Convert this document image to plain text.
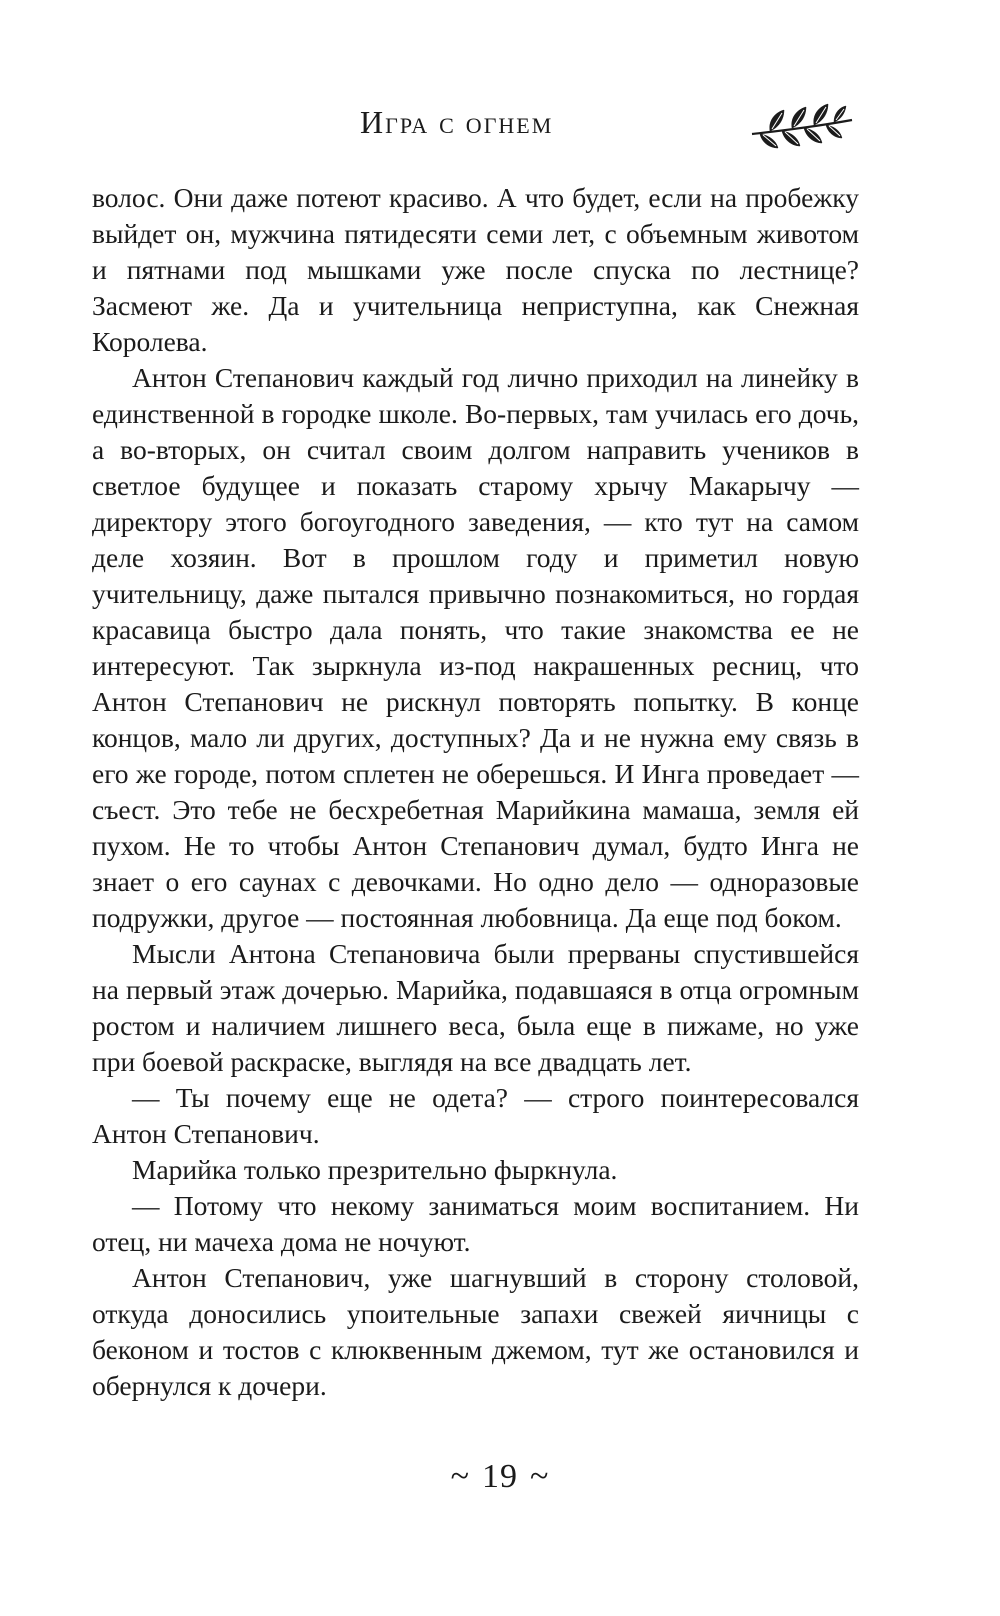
Игра с огнем

волос. Они даже потеют красиво. А что будет, если на пробежку выйдет он, мужчина пятидесяти семи лет, с объемным животом и пятнами под мышками уже после спуска по лестнице? Засмеют же. Да и учительница неприступна, как Снежная Королева.

Антон Степанович каждый год лично приходил на линейку в единственной в городке школе. Во-первых, там училась его дочь, а во-вторых, он считал своим долгом направить учеников в светлое будущее и показать старому хрычу Макарычу — директору этого богоугодного заведения, — кто тут на самом деле хозяин. Вот в прошлом году и приметил новую учительницу, даже пытался привычно познакомиться, но гордая красавица быстро дала понять, что такие знакомства ее не интересуют. Так зыркнула из-под накрашенных ресниц, что Антон Степанович не рискнул повторять попытку. В конце концов, мало ли других, доступных? Да и не нужна ему связь в его же городе, потом сплетен не оберешься. И Инга проведает — съест. Это тебе не бесхребетная Марийкина мамаша, земля ей пухом. Не то чтобы Антон Степанович думал, будто Инга не знает о его саунах с девочками. Но одно дело — одноразовые подружки, другое — постоянная любовница. Да еще под боком.

Мысли Антона Степановича были прерваны спустившейся на первый этаж дочерью. Марийка, подавшаяся в отца огромным ростом и наличием лишнего веса, была еще в пижаме, но уже при боевой раскраске, выглядя на все двадцать лет.

— Ты почему еще не одета? — строго поинтересовался Антон Степанович.

Марийка только презрительно фыркнула.

— Потому что некому заниматься моим воспитанием. Ни отец, ни мачеха дома не ночуют.

Антон Степанович, уже шагнувший в сторону столовой, откуда доносились упоительные запахи свежей яичницы с беконом и тостов с клюквенным джемом, тут же остановился и обернулся к дочери.

~ 19 ~
